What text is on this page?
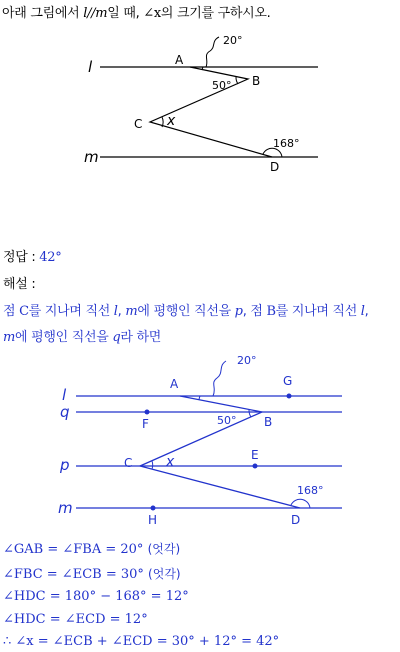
아래 그림에서 l//m일 때, ∠x의 크기를 구하시오.
l
m
A
B
C
D
20°
50°
x
168°
정답 : 42°
해설 :
점 C를 지나며 직선 l, m에 평행인 직선을 p, 점 B를 지나며 직선 l,
m에 평행인 직선을 q라 하면
l
q
p
m
A	G
F	B
C
E
H	D
20°
50°
x
168°
∠GAB = ∠FBA = 20° (엇각)
∠FBC = ∠ECB = 30° (엇각)
∠HDC = 180° − 168° = 12°
∠HDC = ∠ECD = 12°
∴ ∠x = ∠ECB + ∠ECD = 30° + 12° = 42°
